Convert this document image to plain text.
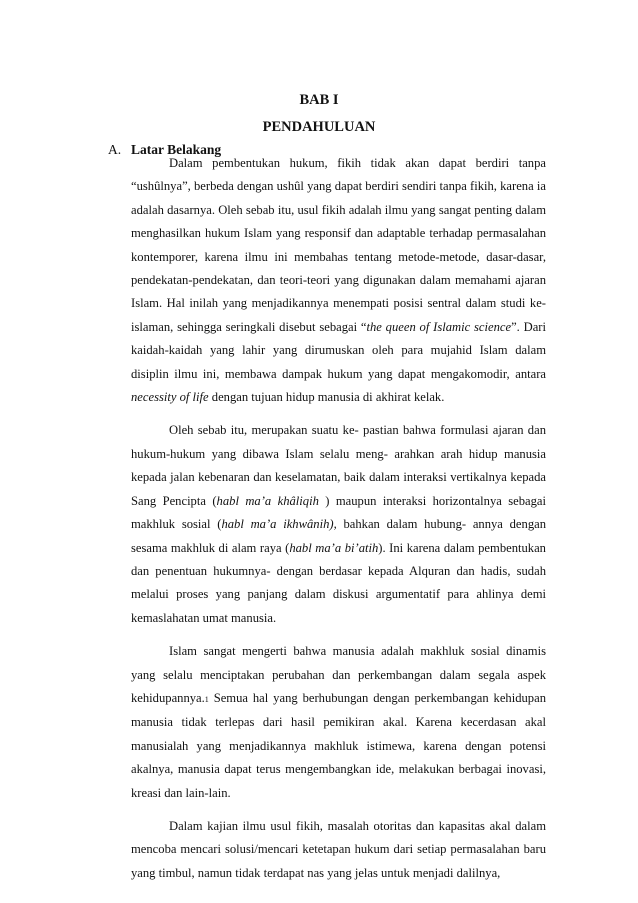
BAB I
PENDAHULUAN
A. Latar Belakang

Dalam pembentukan hukum, fikih tidak akan dapat berdiri tanpa “ushûlnya”, berbeda dengan ushûl yang dapat berdiri sendiri tanpa fikih, karena ia adalah dasarnya. Oleh sebab itu, usul fikih adalah ilmu yang sangat penting dalam menghasilkan hukum Islam yang responsif dan adaptable terhadap permasalahan kontemporer, karena ilmu ini membahas tentang metode-metode, dasar-dasar, pendekatan-pendekatan, dan teori-teori yang digunakan dalam memahami ajaran Islam. Hal inilah yang menjadikannya menempati posisi sentral dalam studi ke- islaman, sehingga seringkali disebut sebagai “the queen of Islamic science”. Dari kaidah-kaidah yang lahir yang dirumuskan oleh para mujahid Islam dalam disiplin ilmu ini, membawa dampak hukum yang dapat mengakomodir, antara necessity of life dengan tujuan hidup manusia di akhirat kelak.

Oleh sebab itu, merupakan suatu ke- pastian bahwa formulasi ajaran dan hukum-hukum yang dibawa Islam selalu meng- arahkan arah hidup manusia kepada jalan kebenaran dan keselamatan, baik dalam interaksi vertikalnya kepada Sang Pencipta (habl ma’a khâliqih ) maupun interaksi horizontalnya sebagai makhluk sosial (habl ma’a ikhwânih), bahkan dalam hubung- annya dengan sesama makhluk di alam raya (habl ma’a bi’atih). Ini karena dalam pembentukan dan penentuan hukumnya- dengan berdasar kepada Alquran dan hadis, sudah melalui proses yang panjang dalam diskusi argumentatif para ahlinya demi kemaslahatan umat manusia.

Islam sangat mengerti bahwa manusia adalah makhluk sosial dinamis yang selalu menciptakan perubahan dan perkembangan dalam segala aspek kehidupannya.1 Semua hal yang berhubungan dengan perkembangan kehidupan manusia tidak terlepas dari hasil pemikiran akal. Karena kecerdasan akal manusialah yang menjadikannya makhluk istimewa, karena dengan potensi akalnya, manusia dapat terus mengembangkan ide, melakukan berbagai inovasi, kreasi dan lain-lain.

Dalam kajian ilmu usul fikih, masalah otoritas dan kapasitas akal dalam mencoba mencari solusi/mencari ketetapan hukum dari setiap permasalahan baru yang timbul, namun tidak terdapat nas yang jelas untuk menjadi dalilnya,
